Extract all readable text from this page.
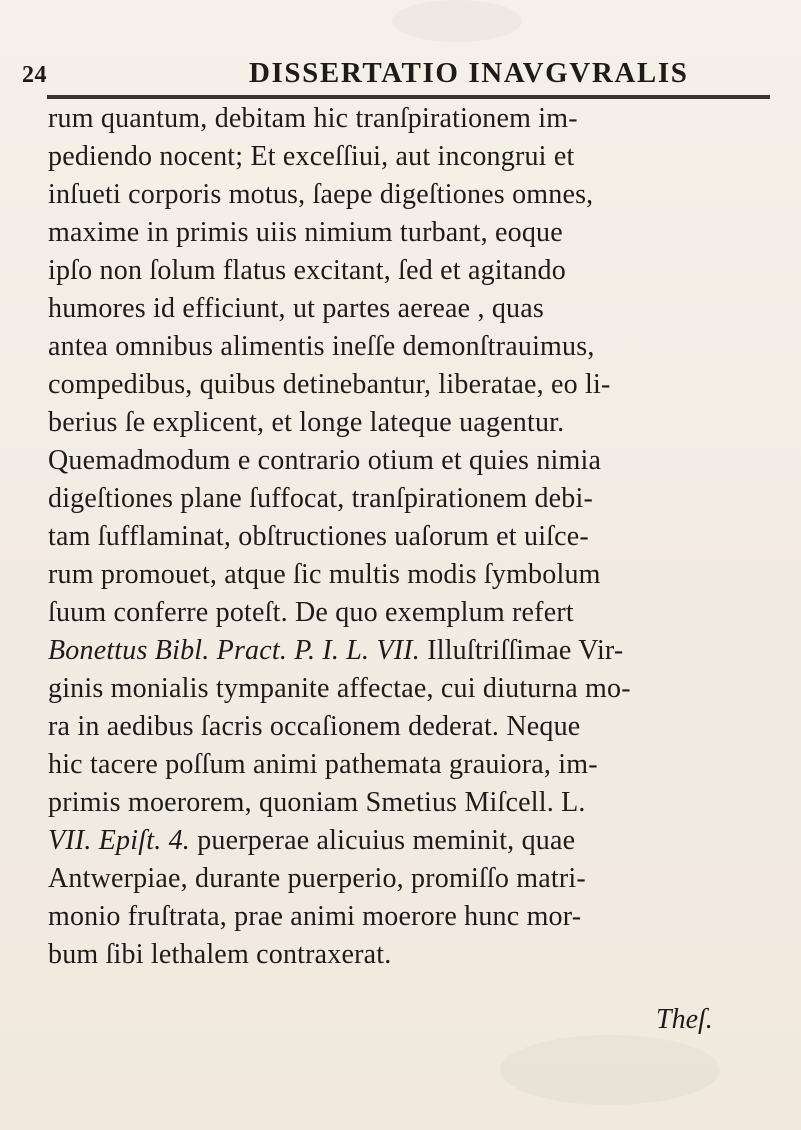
24	DISSERTATIO INAVGVRALIS
rum quantum, debitam hic tranſpirationem im-
pediendo nocent; Et exceſſiui, aut incongrui et
inſueti corporis motus, ſaepe digeſtiones omnes,
maxime in primis uiis nimium turbant, eoque
ipſo non ſolum flatus excitant, ſed et agitando
humores id efficiunt, ut partes aereae , quas
antea omnibus alimentis ineſſe demonſtrauimus,
compedibus, quibus detinebantur, liberatae, eo li-
berius ſe explicent, et longe lateque uagentur.
Quemadmodum e contrario otium et quies nimia
digeſtiones plane ſuffocat, tranſpirationem debi-
tam ſufflaminat, obſtructiones uaſorum et uiſce-
rum promouet, atque ſic multis modis ſymbolum
ſuum conferre poteſt. De quo exemplum refert
Bonettus Bibl. Pract. P. I. L. VII. Illuſtriſſimae Vir-
ginis monialis tympanite affectae, cui diuturna mo-
ra in aedibus ſacris occaſionem dederat. Neque
hic tacere poſſum animi pathemata grauiora, im-
primis moerorem, quoniam Smetius Miſcell. L.
VII. Epiſt. 4. puerperae alicuius meminit, quae
Antwerpiae, durante puerperio, promiſſo matri-
monio fruſtrata, prae animi moerore hunc mor-
bum ſibi lethalem contraxerat.
Theſ.
